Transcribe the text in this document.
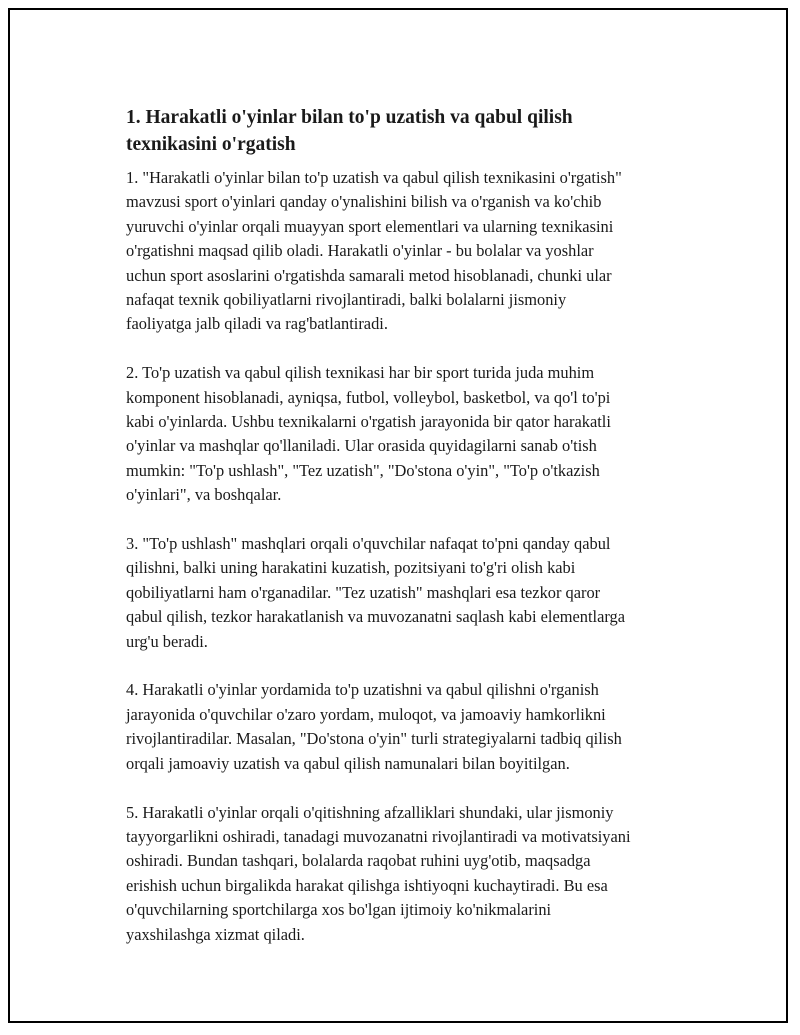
1. Harakatli o'yinlar bilan to'p uzatish va qabul qilish
texnikasini o'rgatish

1. "Harakatli o'yinlar bilan to'p uzatish va qabul qilish texnikasini o'rgatish"
mavzusi sport o'yinlari qanday o'ynalishini bilish va o'rganish va ko'chib
yuruvchi o'yinlar orqali muayyan sport elementlari va ularning texnikasini
o'rgatishni maqsad qilib oladi. Harakatli o'yinlar - bu bolalar va yoshlar
uchun sport asoslarini o'rgatishda samarali metod hisoblanadi, chunki ular
nafaqat texnik qobiliyatlarni rivojlantiradi, balki bolalarni jismoniy
faoliyatga jalb qiladi va rag'batlantiradi.

2. To'p uzatish va qabul qilish texnikasi har bir sport turida juda muhim
komponent hisoblanadi, ayniqsa, futbol, volleybol, basketbol, va qo'l to'pi
kabi o'yinlarda. Ushbu texnikalarni o'rgatish jarayonida bir qator harakatli
o'yinlar va mashqlar qo'llaniladi. Ular orasida quyidagilarni sanab o'tish
mumkin: "To'p ushlash", "Tez uzatish", "Do'stona o'yin", "To'p o'tkazish
o'yinlari", va boshqalar.

3. "To'p ushlash" mashqlari orqali o'quvchilar nafaqat to'pni qanday qabul
qilishni, balki uning harakatini kuzatish, pozitsiyani to'g'ri olish kabi
qobiliyatlarni ham o'rganadilar. "Tez uzatish" mashqlari esa tezkor qaror
qabul qilish, tezkor harakatlanish va muvozanatni saqlash kabi elementlarga
urg'u beradi.

4. Harakatli o'yinlar yordamida to'p uzatishni va qabul qilishni o'rganish
jarayonida o'quvchilar o'zaro yordam, muloqot, va jamoaviy hamkorlikni
rivojlantiradilar. Masalan, "Do'stona o'yin" turli strategiyalarni tadbiq qilish
orqali jamoaviy uzatish va qabul qilish namunalari bilan boyitilgan.

5. Harakatli o'yinlar orqali o'qitishning afzalliklari shundaki, ular jismoniy
tayyorgarlikni oshiradi, tanadagi muvozanatni rivojlantiradi va motivatsiyani
oshiradi. Bundan tashqari, bolalarda raqobat ruhini uyg'otib, maqsadga
erishish uchun birgalikda harakat qilishga ishtiyoqni kuchaytiradi. Bu esa
o'quvchilarning sportchilarga xos bo'lgan ijtimoiy ko'nikmalarini
yaxshilashga xizmat qiladi.
